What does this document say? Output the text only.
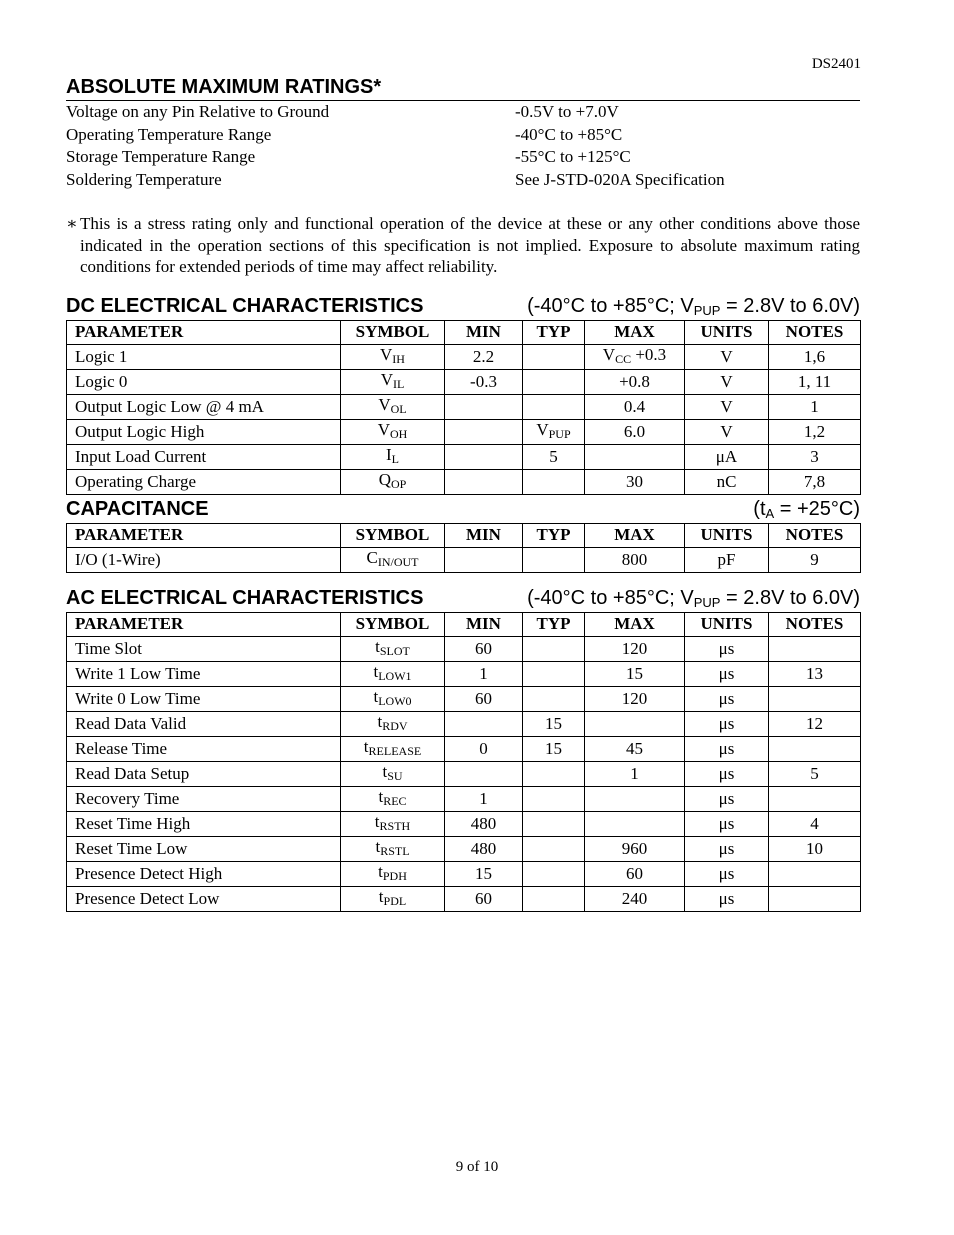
DS2401
ABSOLUTE MAXIMUM RATINGS*
Voltage on any Pin Relative to Ground	-0.5V to +7.0V
Operating Temperature Range	-40°C to +85°C
Storage Temperature Range	-55°C to +125°C
Soldering Temperature	See J-STD-020A Specification
∗ This is a stress rating only and functional operation of the device at these or any other conditions above those indicated in the operation sections of this specification is not implied. Exposure to absolute maximum rating conditions for extended periods of time may affect reliability.
DC ELECTRICAL CHARACTERISTICS	(-40°C to +85°C; $V_{PUP} = 2.8V$ to 6.0V)
PARAMETER	SYMBOL	MIN	TYP	MAX	UNITS	NOTES
Logic 1	$V_{IH}$	2.2		$V_{CC} +0.3$	V	1,6
Logic 0	$V_{IL}$	-0.3		+0.8	V	1, 11
Output Logic Low @ 4 mA	$V_{OL}$			0.4	V	1
Output Logic High	$V_{OH}$		$V_{PUP}$	6.0	V	1,2
Input Load Current	$I_L$		5		μA	3
Operating Charge	$Q_{OP}$			30	nC	7,8
CAPACITANCE	$(t_A = +25^\circ C)$
PARAMETER	SYMBOL	MIN	TYP	MAX	UNITS	NOTES
I/O (1-Wire)	$C_{IN/OUT}$			800	pF	9
AC ELECTRICAL CHARACTERISTICS	(-40°C to +85°C; $V_{PUP} = 2.8V$ to 6.0V)
PARAMETER	SYMBOL	MIN	TYP	MAX	UNITS	NOTES
Time Slot	$t_{SLOT}$	60		120	μs	
Write 1 Low Time	$t_{LOW1}$	1		15	μs	13
Write 0 Low Time	$t_{LOW0}$	60		120	μs	
Read Data Valid	$t_{RDV}$		15		μs	12
Release Time	$t_{RELEASE}$	0	15	45	μs	
Read Data Setup	$t_{SU}$			1	μs	5
Recovery Time	$t_{REC}$	1			μs	
Reset Time High	$t_{RSTH}$	480			μs	4
Reset Time Low	$t_{RSTL}$	480		960	μs	10
Presence Detect High	$t_{PDH}$	15		60	μs	
Presence Detect Low	$t_{PDL}$	60		240	μs	
9 of 10
